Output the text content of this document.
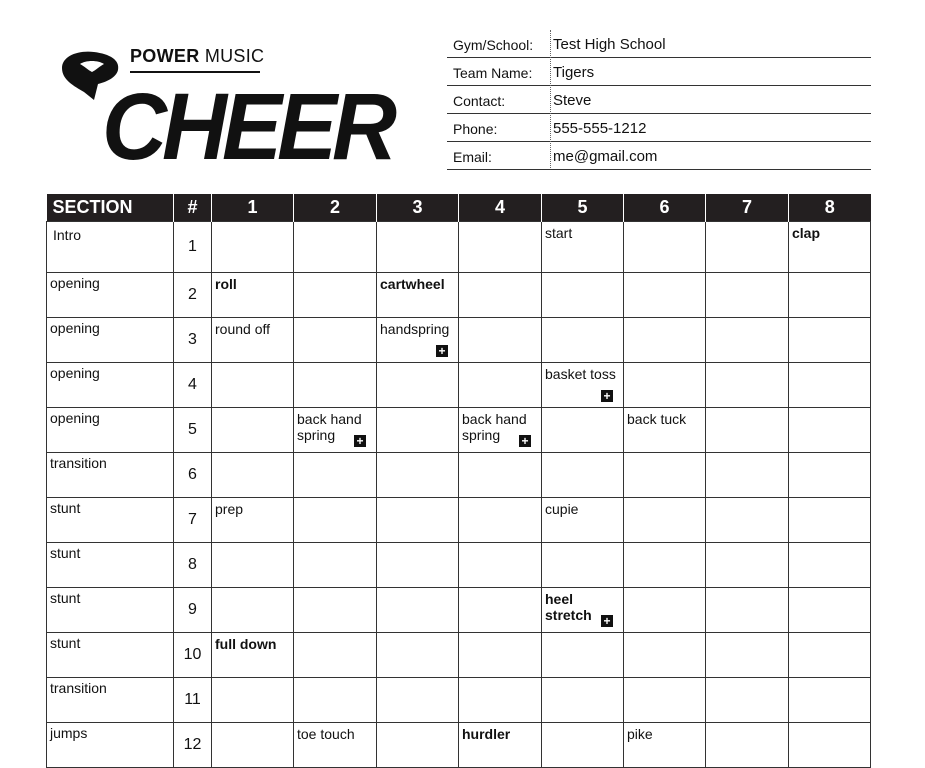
POWER MUSIC
CHEER
Gym/School: Test High School
Team Name: Tigers
Contact:	Steve
Phone:	555-555-1212
Email:	me@gmail.com
SECTION	#	1	2	3	4	5	6	7	8
Intro	1					start			clap

opening	2	roll		cartwheel					

opening	3	round off		handspring
+					

opening	4					basket toss
+			

opening	5		back hand spring +		back hand spring +		back tuck		

transition	6	

stunt	7	prep				cupie			

stunt	8	

stunt	9					heel stretch +			

stunt	10	full down							

transition	11	

jumps	12		toe touch		hurdler		pike		
